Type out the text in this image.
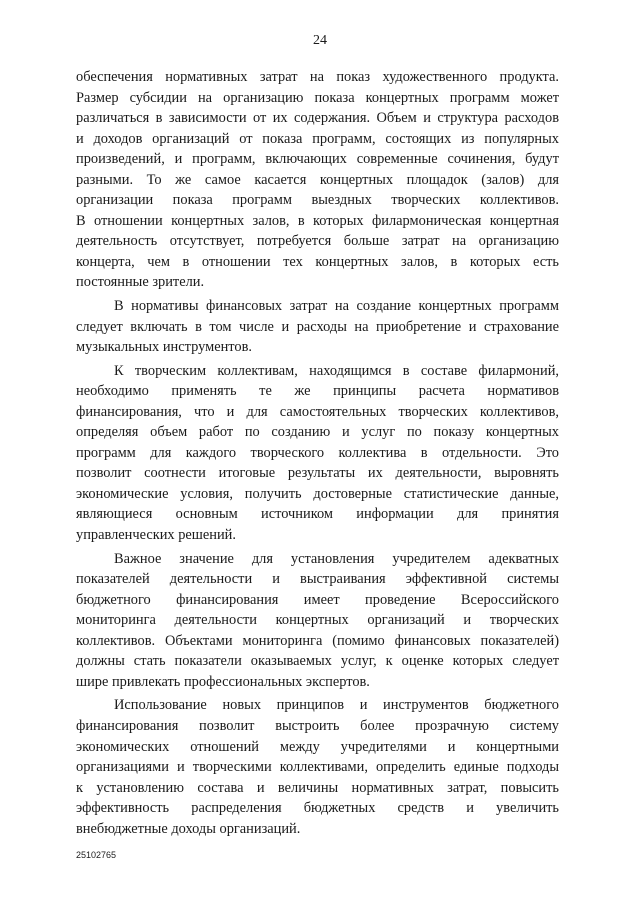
24
обеспечения нормативных затрат на показ художественного продукта.
Размер субсидии на организацию показа концертных программ может
различаться в зависимости от их содержания. Объем и структура расходов
и доходов организаций от показа программ, состоящих из популярных
произведений, и программ, включающих современные сочинения, будут
разными. То же самое касается концертных площадок (залов) для
организации показа программ выездных творческих коллективов.
В отношении концертных залов, в которых филармоническая концертная
деятельность отсутствует, потребуется больше затрат на организацию
концерта, чем в отношении тех концертных залов, в которых есть
постоянные зрители.
В нормативы финансовых затрат на создание концертных программ
следует включать в том числе и расходы на приобретение и страхование
музыкальных инструментов.
К творческим коллективам, находящимся в составе филармоний,
необходимо применять те же принципы расчета нормативов
финансирования, что и для самостоятельных творческих коллективов,
определяя объем работ по созданию и услуг по показу концертных
программ для каждого творческого коллектива в отдельности. Это
позволит соотнести итоговые результаты их деятельности, выровнять
экономические условия, получить достоверные статистические данные,
являющиеся основным источником информации для принятия
управленческих решений.
Важное значение для установления учредителем адекватных
показателей деятельности и выстраивания эффективной системы
бюджетного финансирования имеет проведение Всероссийского
мониторинга деятельности концертных организаций и творческих
коллективов. Объектами мониторинга (помимо финансовых показателей)
должны стать показатели оказываемых услуг, к оценке которых следует
шире привлекать профессиональных экспертов.
Использование новых принципов и инструментов бюджетного
финансирования позволит выстроить более прозрачную систему
экономических отношений между учредителями и концертными
организациями и творческими коллективами, определить единые подходы
к установлению состава и величины нормативных затрат, повысить
эффективность распределения бюджетных средств и увеличить
внебюджетные доходы организаций.
25102765
